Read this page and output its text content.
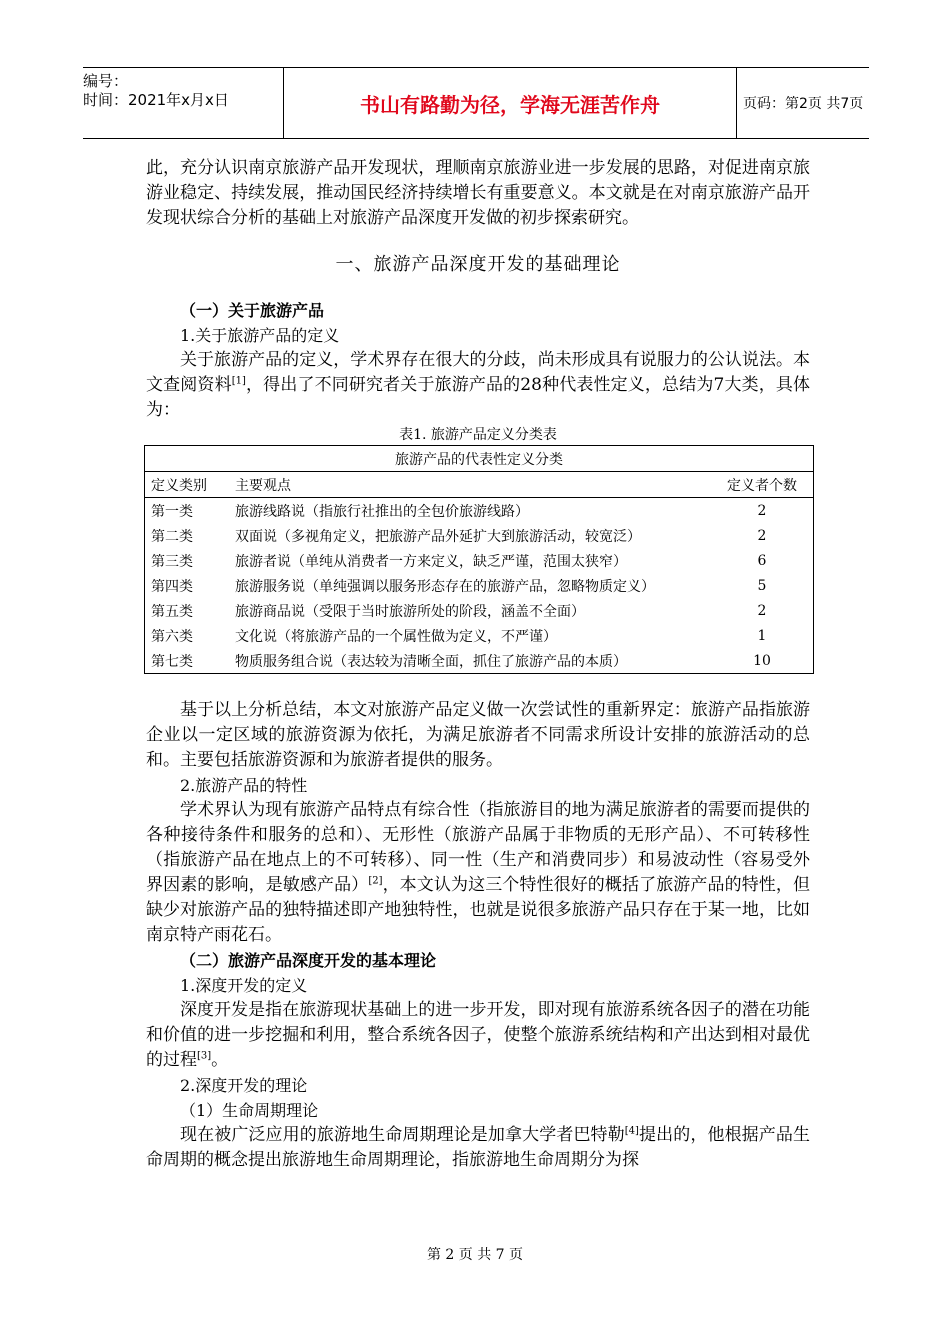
编号：
时间：2021年x月x日	书山有路勤为径，学海无涯苦作舟	页码：第2页 共7页

此，充分认识南京旅游产品开发现状，理顺南京旅游业进一步发展的思路，对促进南京旅游业稳定、持续发展，推动国民经济持续增长有重要意义。本文就是在对南京旅游产品开发现状综合分析的基础上对旅游产品深度开发做的初步探索研究。

一、旅游产品深度开发的基础理论

（一）关于旅游产品

1.关于旅游产品的定义

关于旅游产品的定义，学术界存在很大的分歧，尚未形成具有说服力的公认说法。本文查阅资料[1]，得出了不同研究者关于旅游产品的28种代表性定义，总结为7大类，具体为：

表1. 旅游产品定义分类表
旅游产品的代表性定义分类		
定义类别	主要观点	定义者个数
第一类	旅游线路说（指旅行社推出的全包价旅游线路）	2
第二类	双面说（多视角定义，把旅游产品外延扩大到旅游活动，较宽泛）	2
第三类	旅游者说（单纯从消费者一方来定义，缺乏严谨，范围太狭窄）	6
第四类	旅游服务说（单纯强调以服务形态存在的旅游产品，忽略物质定义）	5
第五类	旅游商品说（受限于当时旅游所处的阶段，涵盖不全面）	2
第六类	文化说（将旅游产品的一个属性做为定义，不严谨）	1
第七类	物质服务组合说（表达较为清晰全面，抓住了旅游产品的本质）	10

基于以上分析总结，本文对旅游产品定义做一次尝试性的重新界定：旅游产品指旅游企业以一定区域的旅游资源为依托，为满足旅游者不同需求所设计安排的旅游活动的总和。主要包括旅游资源和为旅游者提供的服务。

2.旅游产品的特性

学术界认为现有旅游产品特点有综合性（指旅游目的地为满足旅游者的需要而提供的各种接待条件和服务的总和）、无形性（旅游产品属于非物质的无形产品）、不可转移性（指旅游产品在地点上的不可转移）、同一性（生产和消费同步）和易波动性（容易受外界因素的影响，是敏感产品）[2]，本文认为这三个特性很好的概括了旅游产品的特性，但缺少对旅游产品的独特描述即产地独特性，也就是说很多旅游产品只存在于某一地，比如南京特产雨花石。

（二）旅游产品深度开发的基本理论

1.深度开发的定义

深度开发是指在旅游现状基础上的进一步开发，即对现有旅游系统各因子的潜在功能和价值的进一步挖掘和利用，整合系统各因子，使整个旅游系统结构和产出达到相对最优的过程[3]。

2.深度开发的理论

（1）生命周期理论

现在被广泛应用的旅游地生命周期理论是加拿大学者巴特勒[4]提出的，他根据产品生命周期的概念提出旅游地生命周期理论，指旅游地生命周期分为探

第 2 页 共 7 页
